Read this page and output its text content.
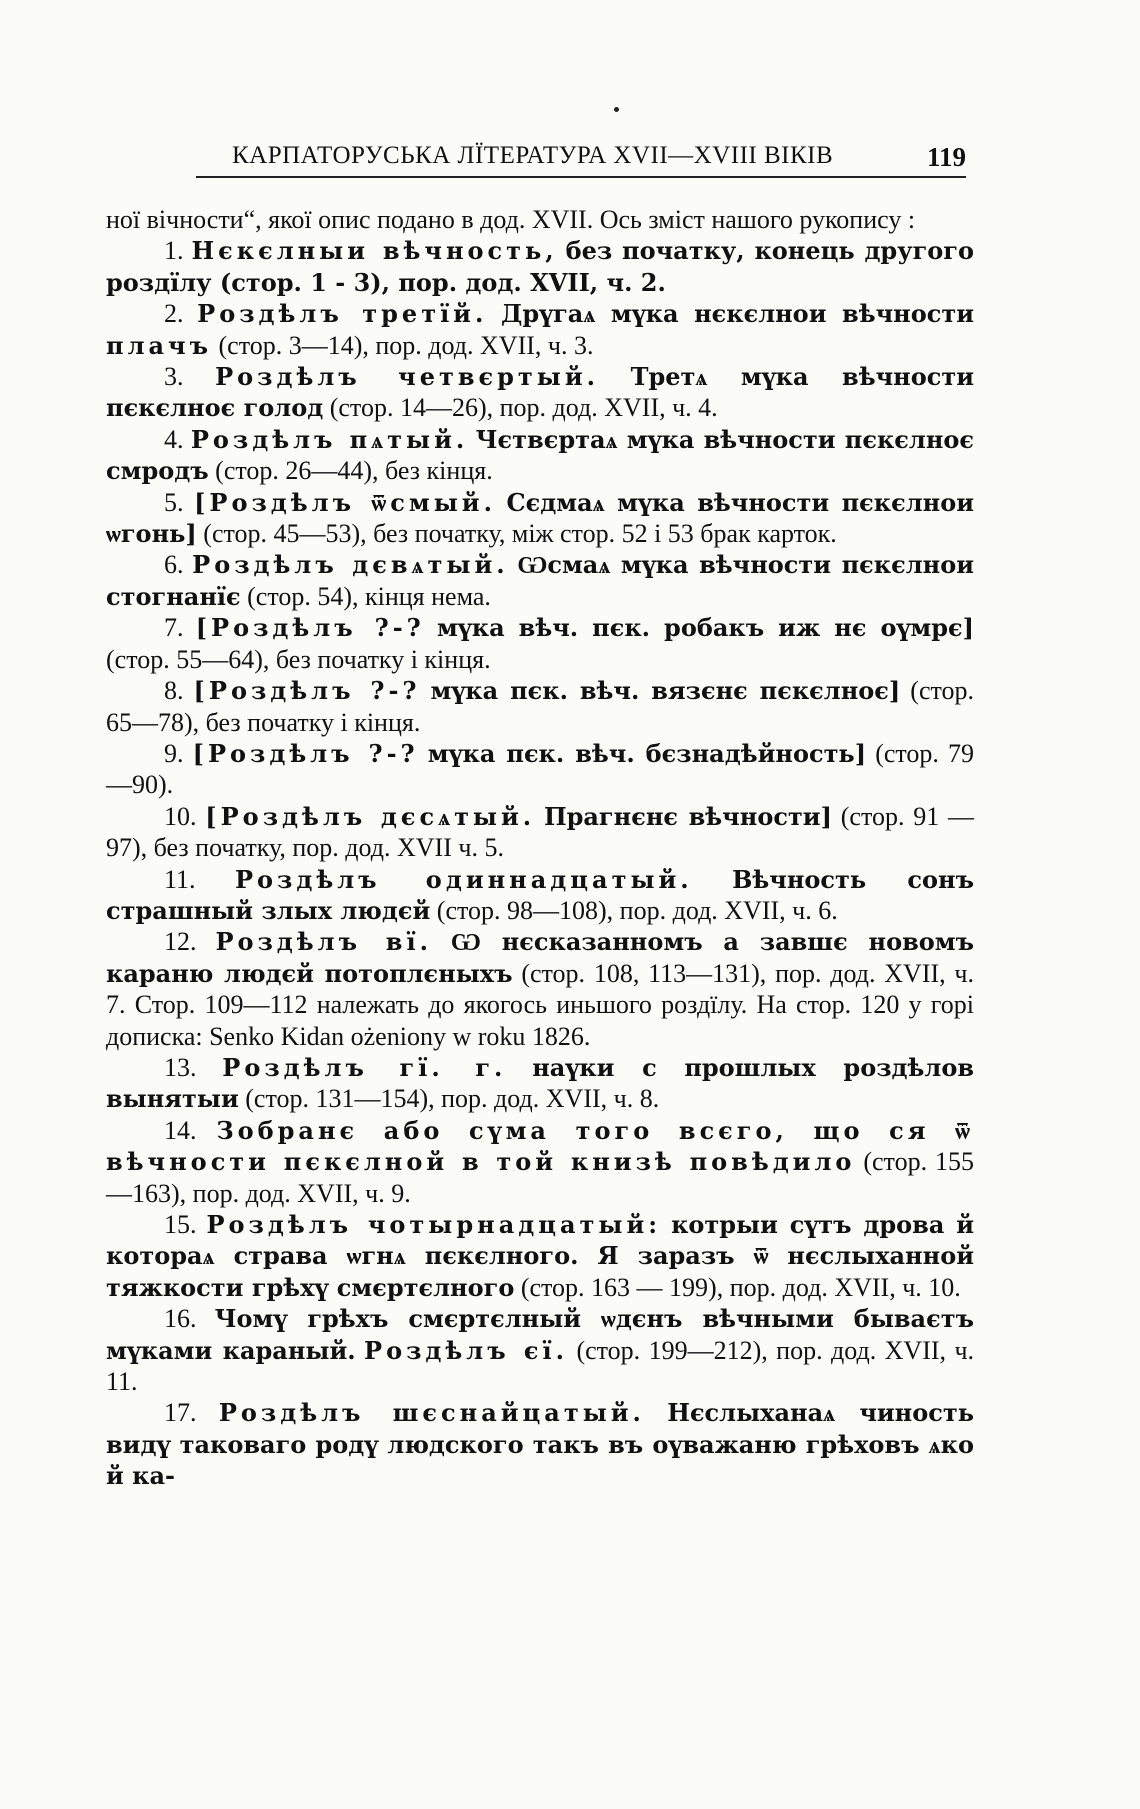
КАРПАТОРУСЬКА ЛЇТЕРАТУРА XVII—XVIII ВІКІВ	119

ної вічности“, якої опис подано в дод. XVII. Ось зміст нашого рукопису :

1. Нєкєлныи вѣчность, без початку, конець другого роздїлу (стор. 1 - 3), пор. дод. XVII, ч. 2.

2. Роздѣлъ третїй. Дрүгаѧ мүка нєкєлнои вѣчности плачъ (стор. 3—14), пор. дод. XVII, ч. 3.

3. Роздѣлъ четвєртый. Третѧ мүка вѣчности пєкєлноє голод (стор. 14—26), пор. дод. XVII, ч. 4.

4. Роздѣлъ пѧтый. Чєтвєртаѧ мүка вѣчности пєкєлноє смродъ (стор. 26—44), без кінця.

5. [Роздѣлъ ѿсмый. Сєдмаѧ мүка вѣчности пєкєлнои ѡгонь] (стор. 45—53), без початку, між стор. 52 і 53 брак карток.

6. Роздѣлъ дєвѧтый. Ѡсмаѧ мүка вѣчности пєкєлнои стогнанїє (стор. 54), кінця нема.

7. [Роздѣлъ ?-? мүка вѣч. пєк. робакъ иж нє оүмрє] (стор. 55—64), без початку і кінця.

8. [Роздѣлъ ?-? мүка пєк. вѣч. вязєнє пєкєлноє] (стор. 65—78), без початку і кінця.

9. [Роздѣлъ ?-? мүка пєк. вѣч. бєзнадѣйность] (стор. 79—90).

10. [Роздѣлъ дєсѧтый. Прагнєнє вѣчности] (стор. 91 — 97), без початку, пор. дод. XVII ч. 5.

11. Роздѣлъ одиннадцатый. Вѣчность сонъ страшный злых людєй (стор. 98—108), пор. дод. XVII, ч. 6.

12. Роздѣлъ вї. Ѡ нєсказанномъ а завшє новомъ караню людєй потоплєныхъ (стор. 108, 113—131), пор. дод. XVII, ч. 7. Стор. 109—112 належать до якогось иньшого роздїлу. На стор. 120 у горі дописка: Senko Kidan ożeniony w roku 1826.

13. Роздѣлъ гї. г. наүки с прошлых роздѣлов вынятыи (стор. 131—154), пор. дод. XVII, ч. 8.

14. Зобранє або сүма того всєго, що ся ѿ вѣчности пєкєлной в той книзѣ повѣдило (стор. 155—163), пор. дод. XVII, ч. 9.

15. Роздѣлъ чотырнадцатый: котрыи сүтъ дрова й котораѧ страва ѡгнѧ пєкєлного. Я заразъ ѿ нєслыханной тяжкости грѣхү смєртєлного (стор. 163 — 199), пор. дод. XVII, ч. 10.

16. Чомү грѣхъ смєртєлный ѡдєнъ вѣчными бываєтъ мүками караный. Роздѣлъ єї. (стор. 199—212), пор. дод. XVII, ч. 11.

17. Роздѣлъ шєснайцатый. Нєслыханаѧ чиность видү таковаго родү людского такъ въ оүважаню грѣховъ ѧко й ка-
